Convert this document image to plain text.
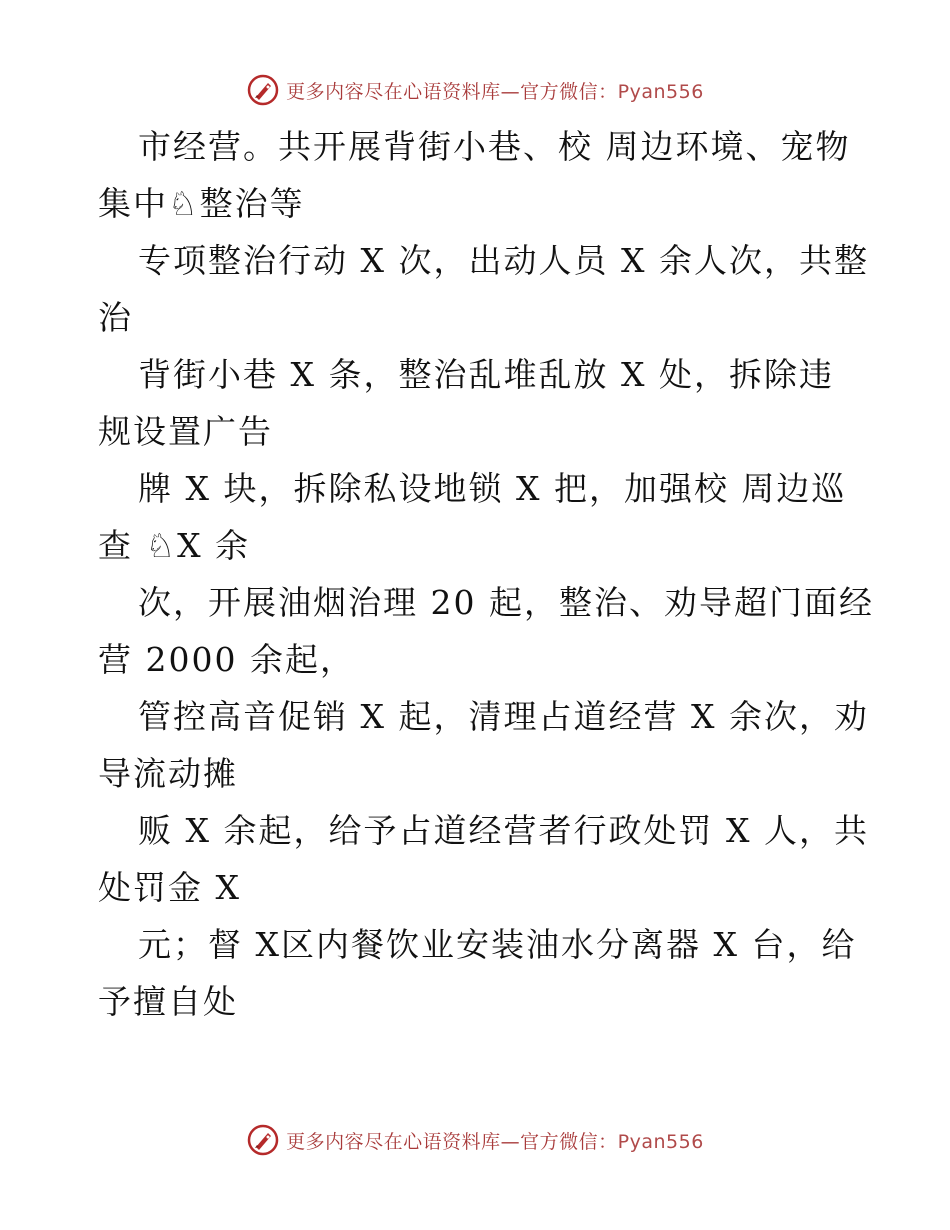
更多内容尽在心语资料库—官方微信：Pyan556
市经营。共开展背街小巷、校 周边环境、宠物
集中♘整治等
专项整治行动 X 次，出动人员 X 余人次，共整
治
背街小巷 X 条，整治乱堆乱放 X 处，拆除违
规设置广告
牌 X 块，拆除私设地锁 X 把，加强校 周边巡
查 ♘X 余
次，开展油烟治理 20 起，整治、劝导超门面经
营 2000 余起，
管控高音促销 X 起，清理占道经营 X 余次，劝
导流动摊
贩 X 余起，给予占道经营者行政处罚 X 人，共
处罚金 X
元；督 X区内餐饮业安装油水分离器 X 台，给
予擅自处
更多内容尽在心语资料库—官方微信：Pyan556
